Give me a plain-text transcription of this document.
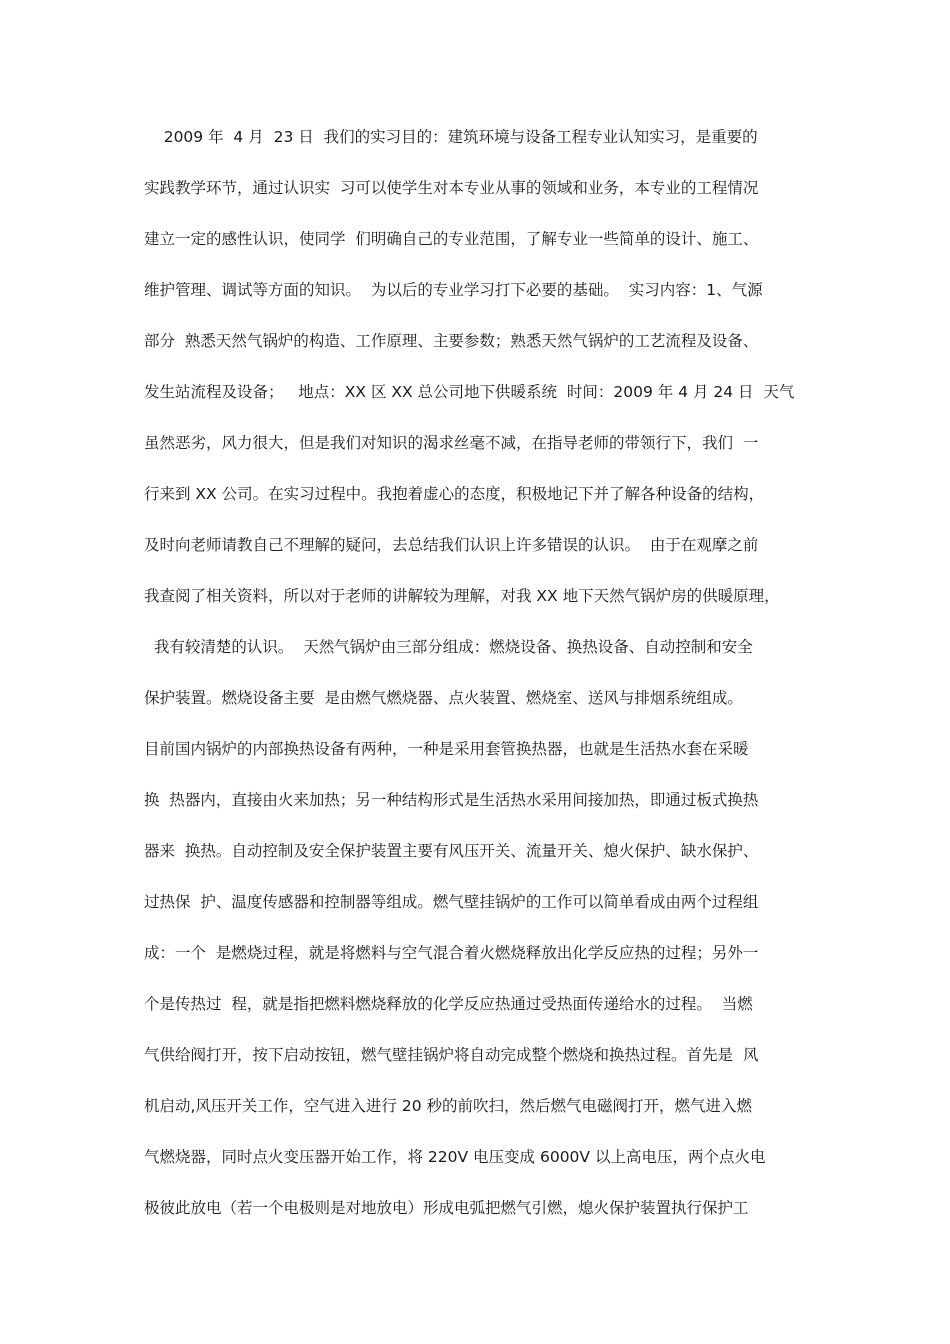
2009 年  4 月  23 日  我们的实习目的：建筑环境与设备工程专业认知实习，是重要的
实践教学环节，通过认识实  习可以使学生对本专业从事的领域和业务，本专业的工程情况
建立一定的感性认识，使同学  们明确自己的专业范围，了解专业一些简单的设计、施工、
维护管理、调试等方面的知识。  为以后的专业学习打下必要的基础。  实习内容：1、气源
部分  熟悉天然气锅炉的构造、工作原理、主要参数；熟悉天然气锅炉的工艺流程及设备、
发生站流程及设备；   地点：XX 区 XX 总公司地下供暖系统  时间：2009 年 4 月 24 日  天气
虽然恶劣，风力很大，但是我们对知识的渴求丝毫不减，在指导老师的带领行下，我们  一
行来到 XX 公司。在实习过程中。我抱着虚心的态度，积极地记下并了解各种设备的结构，
及时向老师请教自己不理解的疑问，去总结我们认识上许多错误的认识。  由于在观摩之前
我查阅了相关资料，所以对于老师的讲解较为理解，对我 XX 地下天然气锅炉房的供暖原理，
我有较清楚的认识。  天然气锅炉由三部分组成：燃烧设备、换热设备、自动控制和安全
保护装置。燃烧设备主要  是由燃气燃烧器、点火装置、燃烧室、送风与排烟系统组成。
目前国内锅炉的内部换热设备有两种，一种是采用套管换热器，也就是生活热水套在采暖
换  热器内，直接由火来加热；另一种结构形式是生活热水采用间接加热，即通过板式换热
器来  换热。自动控制及安全保护装置主要有风压开关、流量开关、熄火保护、缺水保护、
过热保  护、温度传感器和控制器等组成。燃气壁挂锅炉的工作可以简单看成由两个过程组
成：一个  是燃烧过程，就是将燃料与空气混合着火燃烧释放出化学反应热的过程；另外一
个是传热过  程，就是指把燃料燃烧释放的化学反应热通过受热面传递给水的过程。  当燃
气供给阀打开，按下启动按钮，燃气壁挂锅炉将自动完成整个燃烧和换热过程。首先是  风
机启动,风压开关工作，空气进入进行 20 秒的前吹扫，然后燃气电磁阀打开，燃气进入燃
气燃烧器，同时点火变压器开始工作，将 220V 电压变成 6000V 以上高电压，两个点火电
极彼此放电（若一个电极则是对地放电）形成电弧把燃气引燃，熄火保护装置执行保护工
